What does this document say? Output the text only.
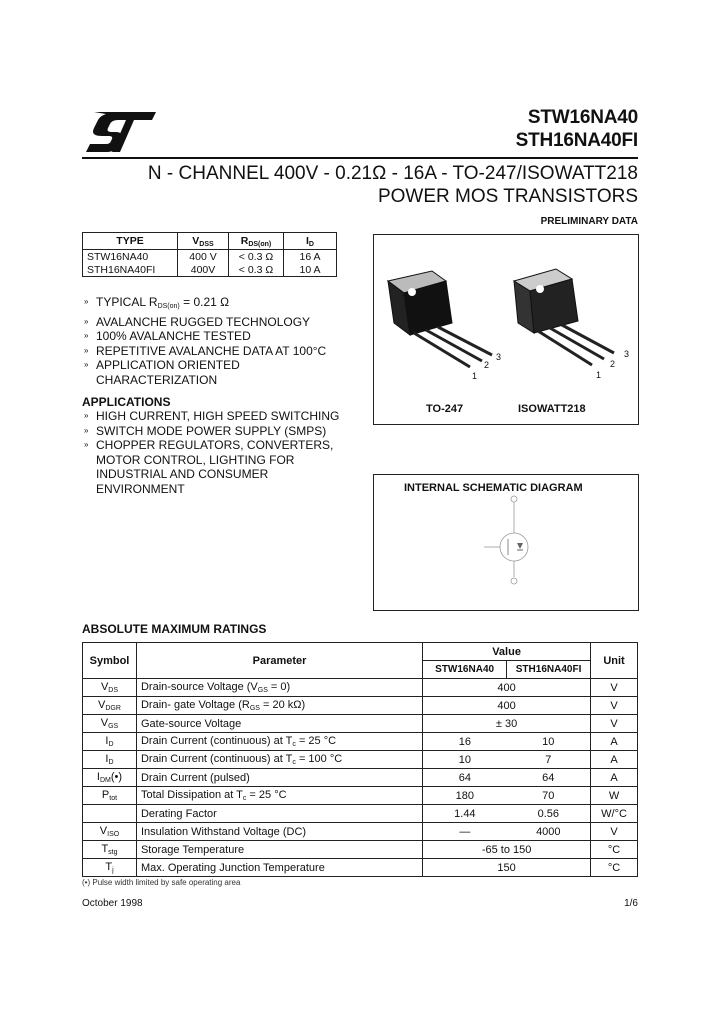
STW16NA40
STH16NA40FI
N - CHANNEL 400V - 0.21Ω - 16A - TO-247/ISOWATT218
POWER MOS TRANSISTORS
PRELIMINARY DATA
TYPE	$V_{DSS}$	$R_{DS(on)}$	$I_D$
STW16NA40	400 V	< 0.3 Ω	16 A
STH16NA40FI	400V	< 0.3 Ω	10 A
» TYPICAL $R_{DS(on)} = 0.21$ Ω
» AVALANCHE RUGGED TECHNOLOGY
» 100% AVALANCHE TESTED
» REPETITIVE AVALANCHE DATA AT 100°C
» APPLICATION ORIENTED
CHARACTERIZATION
APPLICATIONS
» HIGH CURRENT, HIGH SPEED SWITCHING
» SWITCH MODE POWER SUPPLY (SMPS)
» CHOPPER REGULATORS, CONVERTERS,
MOTOR CONTROL, LIGHTING FOR
INDUSTRIAL AND CONSUMER
ENVIRONMENT
1
2
3
1
2
3
TO-247	ISOWATT218
INTERNAL SCHEMATIC DIAGRAM
ABSOLUTE MAXIMUM RATINGS
Symbol	Parameter	Value		Unit
		STW16NA40	STH16NA40FI	
$V_{DS}$	Drain-source Voltage $(V_{GS} = 0)$	400		V
$V_{DGR}$	Drain- gate Voltage ($R_{GS} = 20$ kΩ)	400		V
$V_{GS}$	Gate-source Voltage	± 30		V
$I_D$	Drain Current (continuous) at $T_c = 25$ °C	16	10	A
$I_D$	Drain Current (continuous) at $T_c = 100$ °C	10	7	A
$I_{DM}(•)$	Drain Current (pulsed)	64	64	A
$P_{tot}$	Total Dissipation at $T_c = 25$ °C	180	70	W
	Derating Factor	1.44	0.56	W/°C
$V_{ISO}$	Insulation Withstand Voltage (DC)	—	4000	V
$T_{stg}$	Storage Temperature	-65 to 150		°C
$T_j$	Max. Operating Junction Temperature	150		°C
(•) Pulse width limited by safe operating area
October 1998	1/6
